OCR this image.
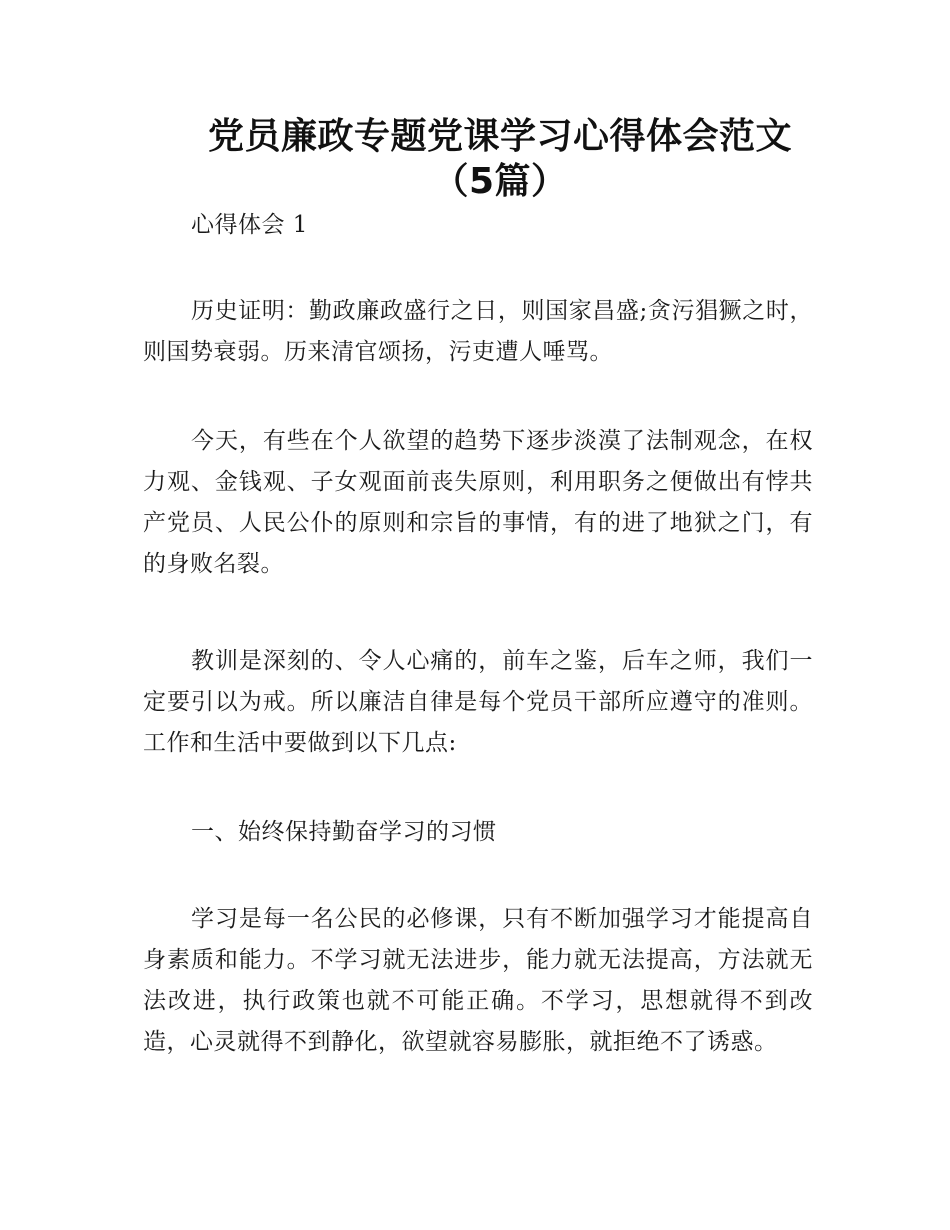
党员廉政专题党课学习心得体会范文
（5篇）
心得体会 1
历史证明：勤政廉政盛行之日，则国家昌盛;贪污猖獗之时，则国势衰弱。历来清官颂扬，污吏遭人唾骂。
今天，有些在个人欲望的趋势下逐步淡漠了法制观念，在权力观、金钱观、子女观面前丧失原则，利用职务之便做出有悖共产党员、人民公仆的原则和宗旨的事情，有的进了地狱之门，有的身败名裂。
教训是深刻的、令人心痛的，前车之鉴，后车之师，我们一定要引以为戒。所以廉洁自律是每个党员干部所应遵守的准则。工作和生活中要做到以下几点:
一、始终保持勤奋学习的习惯
学习是每一名公民的必修课，只有不断加强学习才能提高自身素质和能力。不学习就无法进步，能力就无法提高，方法就无法改进，执行政策也就不可能正确。不学习，思想就得不到改造，心灵就得不到静化，欲望就容易膨胀，就拒绝不了诱惑。
